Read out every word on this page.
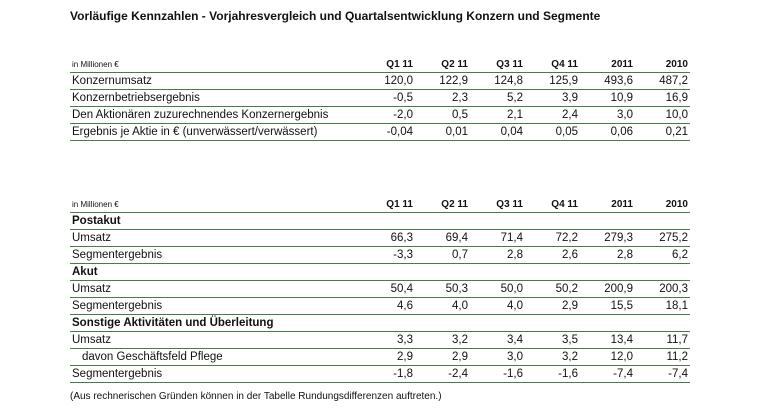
Vorläufige Kennzahlen - Vorjahresvergleich und Quartalsentwicklung Konzern und Segmente
in Millionen €	Q1 11	Q2 11	Q3 11	Q4 11	2011	2010
Konzernumsatz	120,0	122,9	124,8	125,9	493,6	487,2
Konzernbetriebsergebnis	-0,5	2,3	5,2	3,9	10,9	16,9
Den Aktionären zuzurechnendes Konzernergebnis	-2,0	0,5	2,1	2,4	3,0	10,0
Ergebnis je Aktie in € (unverwässert/verwässert)	-0,04	0,01	0,04	0,05	0,06	0,21
in Millionen €	Q1 11	Q2 11	Q3 11	Q4 11	2011	2010
Postakut						
Umsatz	66,3	69,4	71,4	72,2	279,3	275,2
Segmentergebnis	-3,3	0,7	2,8	2,6	2,8	6,2
Akut						
Umsatz	50,4	50,3	50,0	50,2	200,9	200,3
Segmentergebnis	4,6	4,0	4,0	2,9	15,5	18,1
Sonstige Aktivitäten und Überleitung						
Umsatz	3,3	3,2	3,4	3,5	13,4	11,7
davon Geschäftsfeld Pflege	2,9	2,9	3,0	3,2	12,0	11,2
Segmentergebnis	-1,8	-2,4	-1,6	-1,6	-7,4	-7,4
(Aus rechnerischen Gründen können in der Tabelle Rundungsdifferenzen auftreten.)
